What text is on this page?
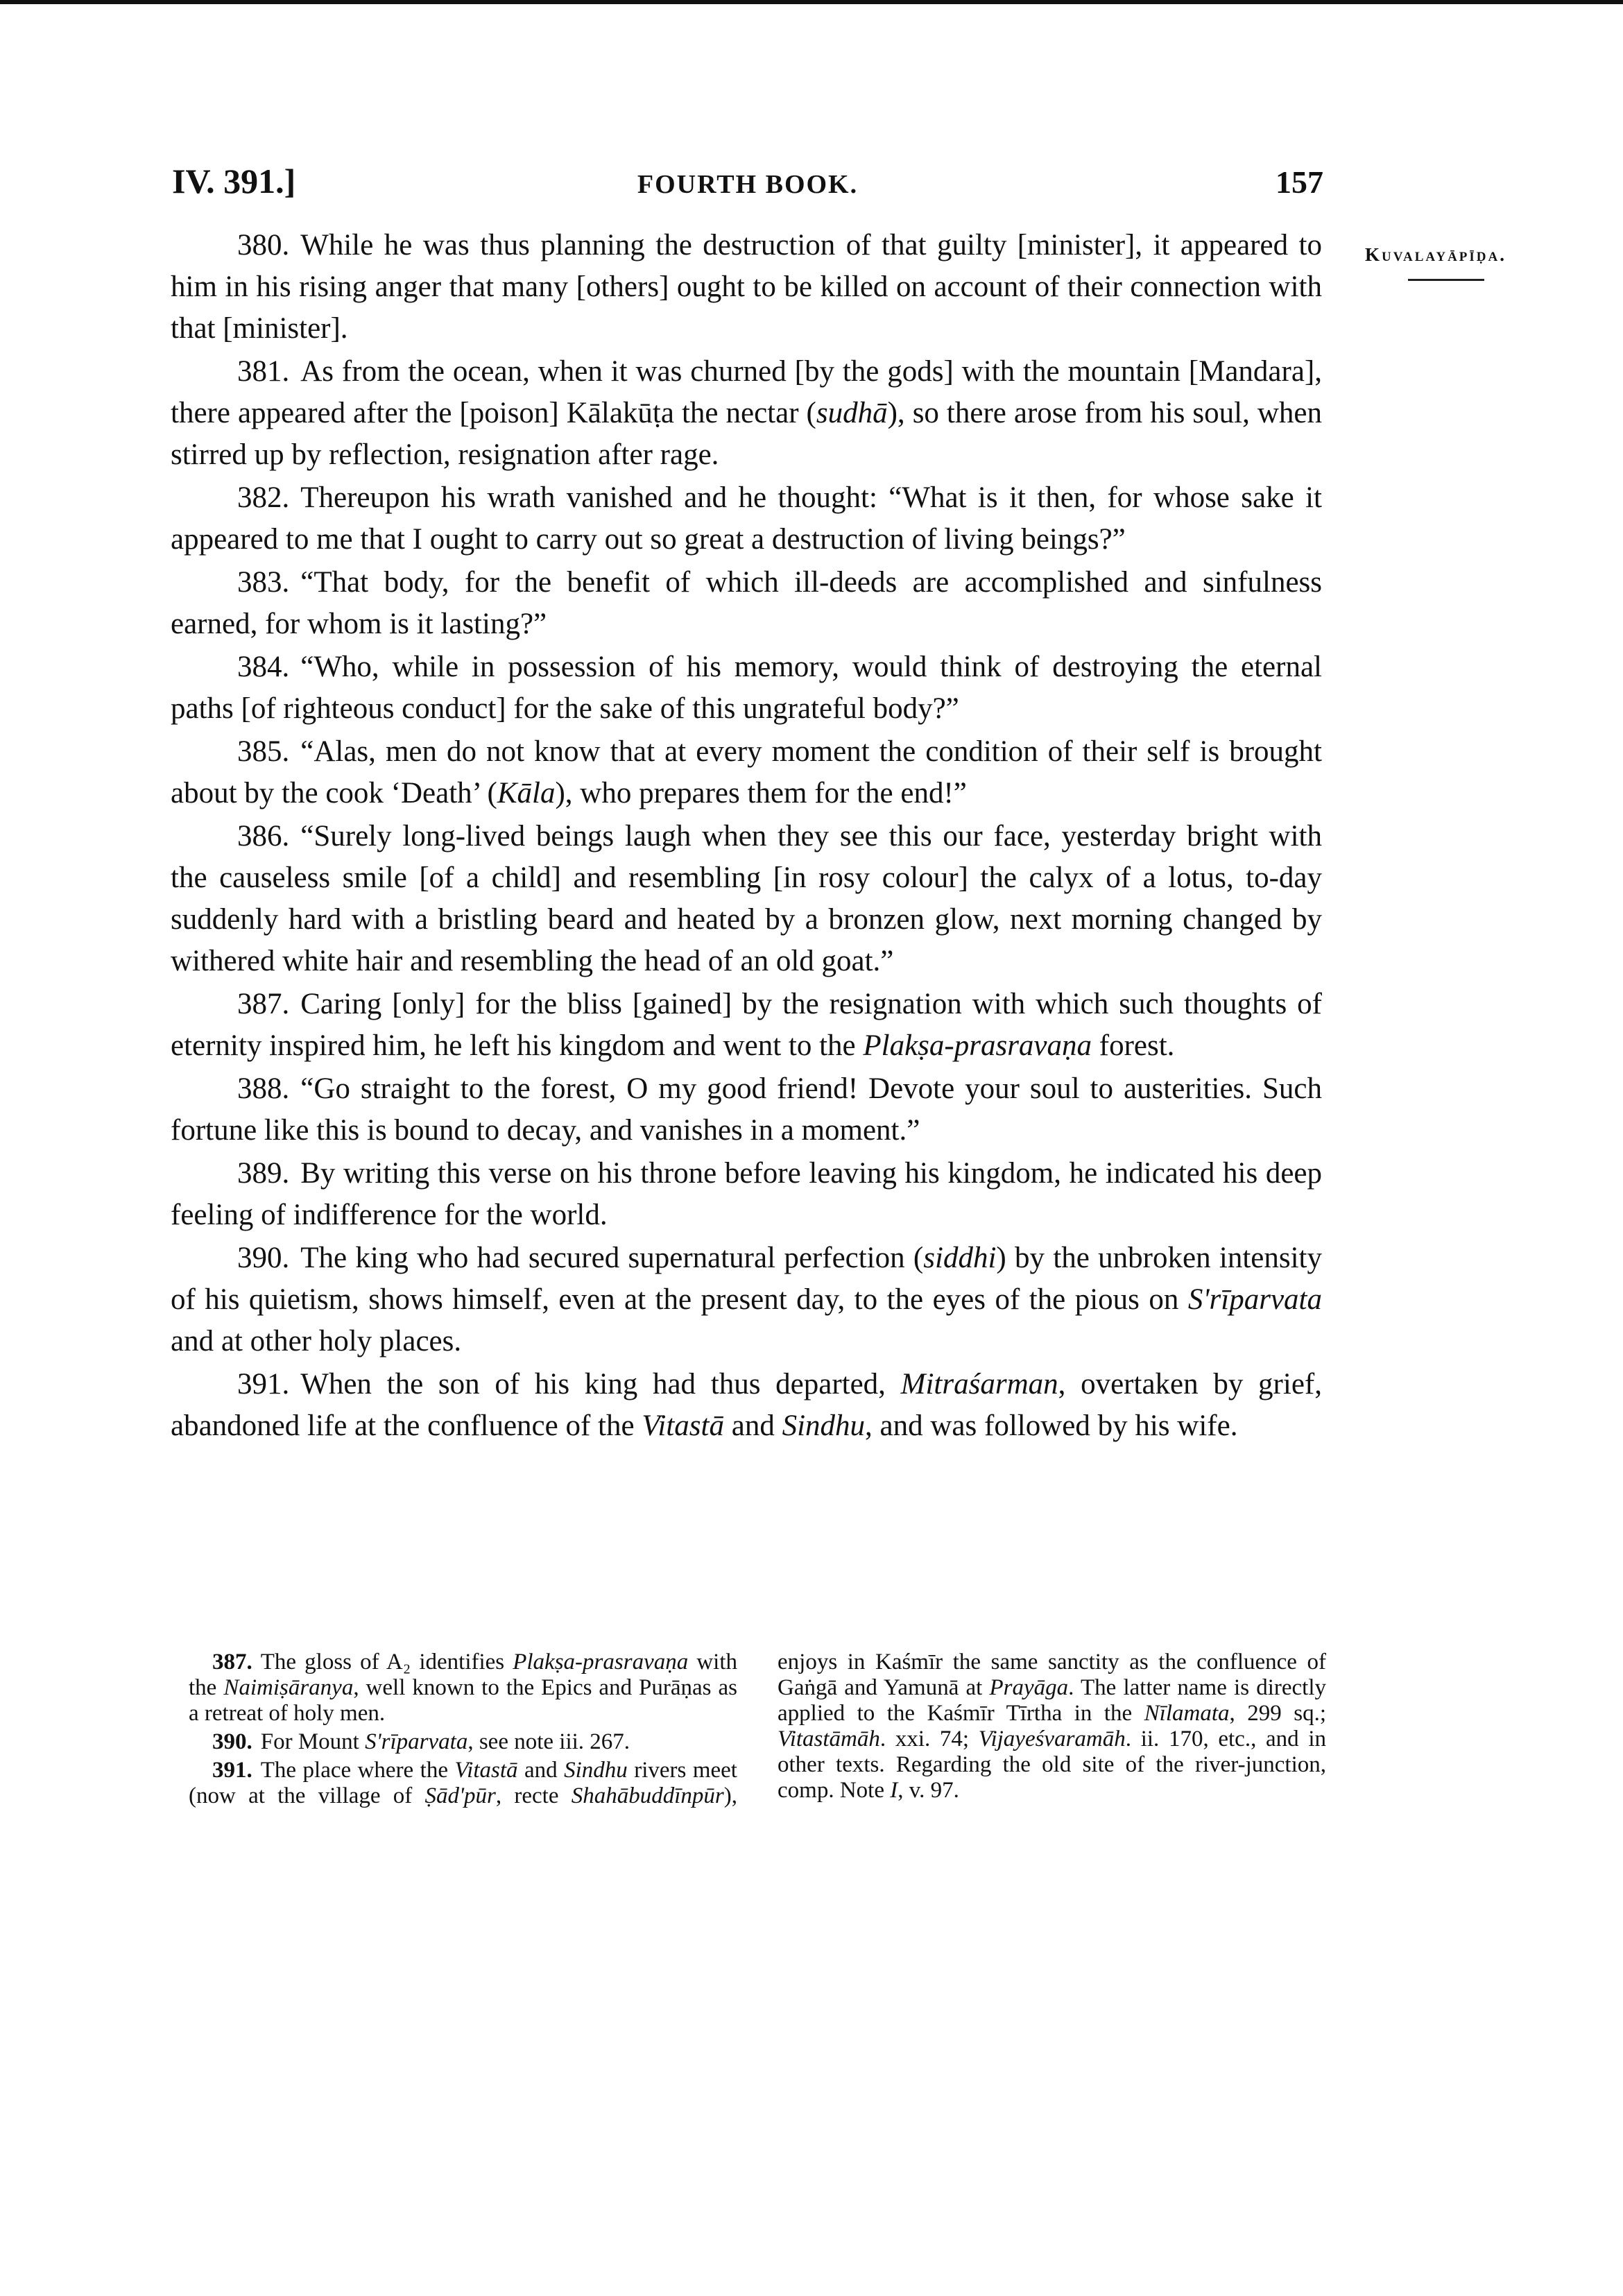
IV. 391.]	FOURTH BOOK.	157
Kuvalayāpīḍa.

380. While he was thus planning the destruction of that guilty [minister], it appeared to him in his rising anger that many [others] ought to be killed on account of their connection with that [minister].

381. As from the ocean, when it was churned [by the gods] with the mountain [Mandara], there appeared after the [poison] Kālakūṭa the nectar (sudhā), so there arose from his soul, when stirred up by reflection, resignation after rage.

382. Thereupon his wrath vanished and he thought: “What is it then, for whose sake it appeared to me that I ought to carry out so great a destruction of living beings?”

383. “That body, for the benefit of which ill-deeds are accomplished and sinfulness earned, for whom is it lasting?”

384. “Who, while in possession of his memory, would think of destroying the eternal paths [of righteous conduct] for the sake of this ungrateful body?”

385. “Alas, men do not know that at every moment the condition of their self is brought about by the cook ‘Death’ (Kāla), who prepares them for the end!”

386. “Surely long-lived beings laugh when they see this our face, yesterday bright with the causeless smile [of a child] and resembling [in rosy colour] the calyx of a lotus, to-day suddenly hard with a bristling beard and heated by a bronzen glow, next morning changed by withered white hair and resembling the head of an old goat.”

387. Caring [only] for the bliss [gained] by the resignation with which such thoughts of eternity inspired him, he left his kingdom and went to the Plakṣa-prasravaṇa forest.

388. “Go straight to the forest, O my good friend! Devote your soul to austerities. Such fortune like this is bound to decay, and vanishes in a moment.”

389. By writing this verse on his throne before leaving his kingdom, he indicated his deep feeling of indifference for the world.

390. The king who had secured supernatural perfection (siddhi) by the unbroken intensity of his quietism, shows himself, even at the present day, to the eyes of the pious on S'rīparvata and at other holy places.

391. When the son of his king had thus departed, Mitraśarman, overtaken by grief, abandoned life at the confluence of the Vitastā and Sindhu, and was followed by his wife.

387. The gloss of A₂ identifies Plakṣa-prasravaṇa with the Naimiṣāranya, well known to the Epics and Purāṇas as a retreat of holy men.

390. For Mount S'rīparvata, see note iii. 267.

391. The place where the Vitastā and Sindhu rivers meet (now at the village of Ṣād'pūr, recte Shahābuddīnpūr), enjoys in Kaśmīr the same sanctity as the confluence of Gaṅgā and Yamunā at Prayāga. The latter name is directly applied to the Kaśmīr Tīrtha in the Nīlamata, 299 sq.; Vitastāmāh. xxi. 74; Vijayeśvaramāh. ii. 170, etc., and in other texts. Regarding the old site of the river-junction, comp. Note I, v. 97.
